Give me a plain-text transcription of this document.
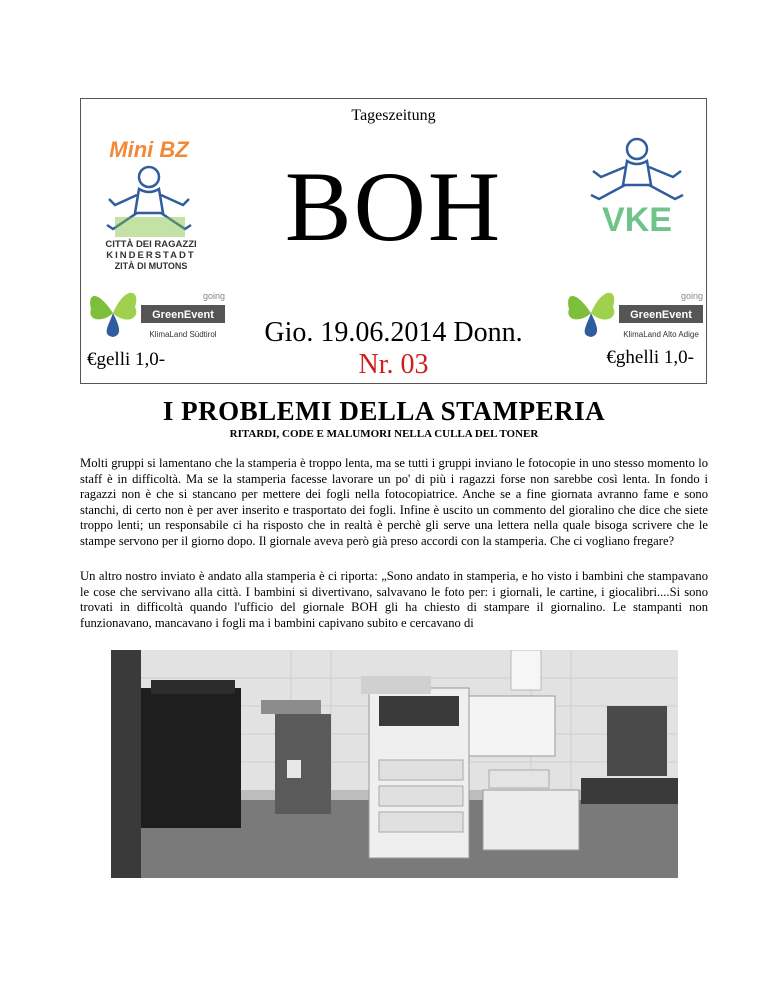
Tageszeitung
BOH
Gio. 19.06.2014 Donn.
Nr. 03
€gelli 1,0-	€ghelli 1,0-
Mini BZ
CITTÀ DEI RAGAZZI
KINDERSTADT
ZITÀ DI MUTONS
VKE
going
GreenEvent
KlimaLand Südtirol
going
GreenEvent
KlimaLand Alto Adige
I PROBLEMI DELLA STAMPERIA
RITARDI, CODE E MALUMORI NELLA CULLA DEL TONER
Molti gruppi si lamentano che la stamperia è troppo lenta, ma se tutti i gruppi inviano le fotocopie in uno stesso momento lo staff è in difficoltà. Ma se la stamperia facesse lavorare un po' di più i ragazzi forse non sarebbe così lenta. In fondo i ragazzi non è che si stancano per mettere dei fogli nella fotocopiatrice. Anche se a fine giornata avranno fame e sono stanchi, di certo non è per aver inserito e trasportato dei fogli. Infine è uscito un commento del gioralino che dice che siete troppo lenti; un responsabile ci ha risposto che in realtà è perchè gli serve una lettera nella quale bisoga scrivere che le stampe servono per il giorno dopo. Il giornale aveva però già preso accordi con la stamperia. Che ci vogliano fregare?
Un altro nostro inviato è andato alla stamperia è ci riporta: „Sono andato in stamperia, e ho visto i bambini che stampavano le cose che servivano alla città. I bambini si divertivano, salvavano le foto per: i giornali, le cartine, i giocalibri....Si sono trovati in difficoltà quando l'ufficio del giornale BOH gli ha chiesto di stampare il giornalino. Le stampanti non funzionavano, mancavano i fogli ma i bambini capivano subito e cercavano di
